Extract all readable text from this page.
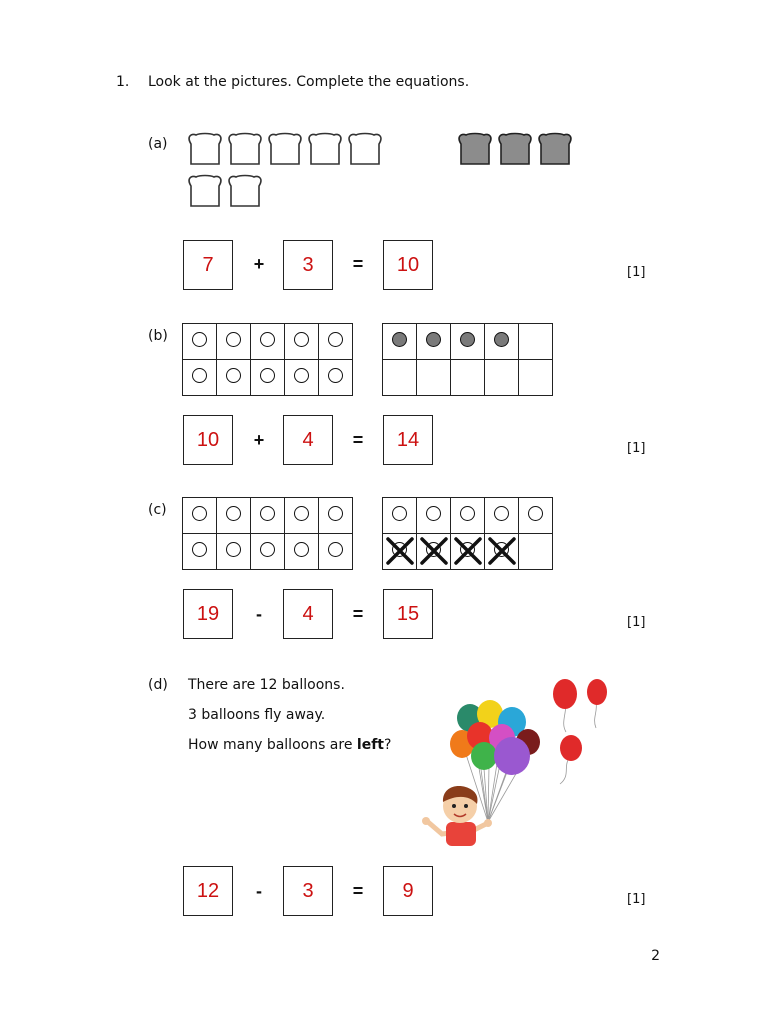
1. Look at the pictures. Complete the equations.
(a)
7	+	3	=	10	[1]
(b)

10	+	4	=	14	[1]
(c)

19	-	4	=	15	[1]
(d) There are 12 balloons.
3 balloons fly away.
How many balloons are left?
12	-	3	=	9	[1]
2
